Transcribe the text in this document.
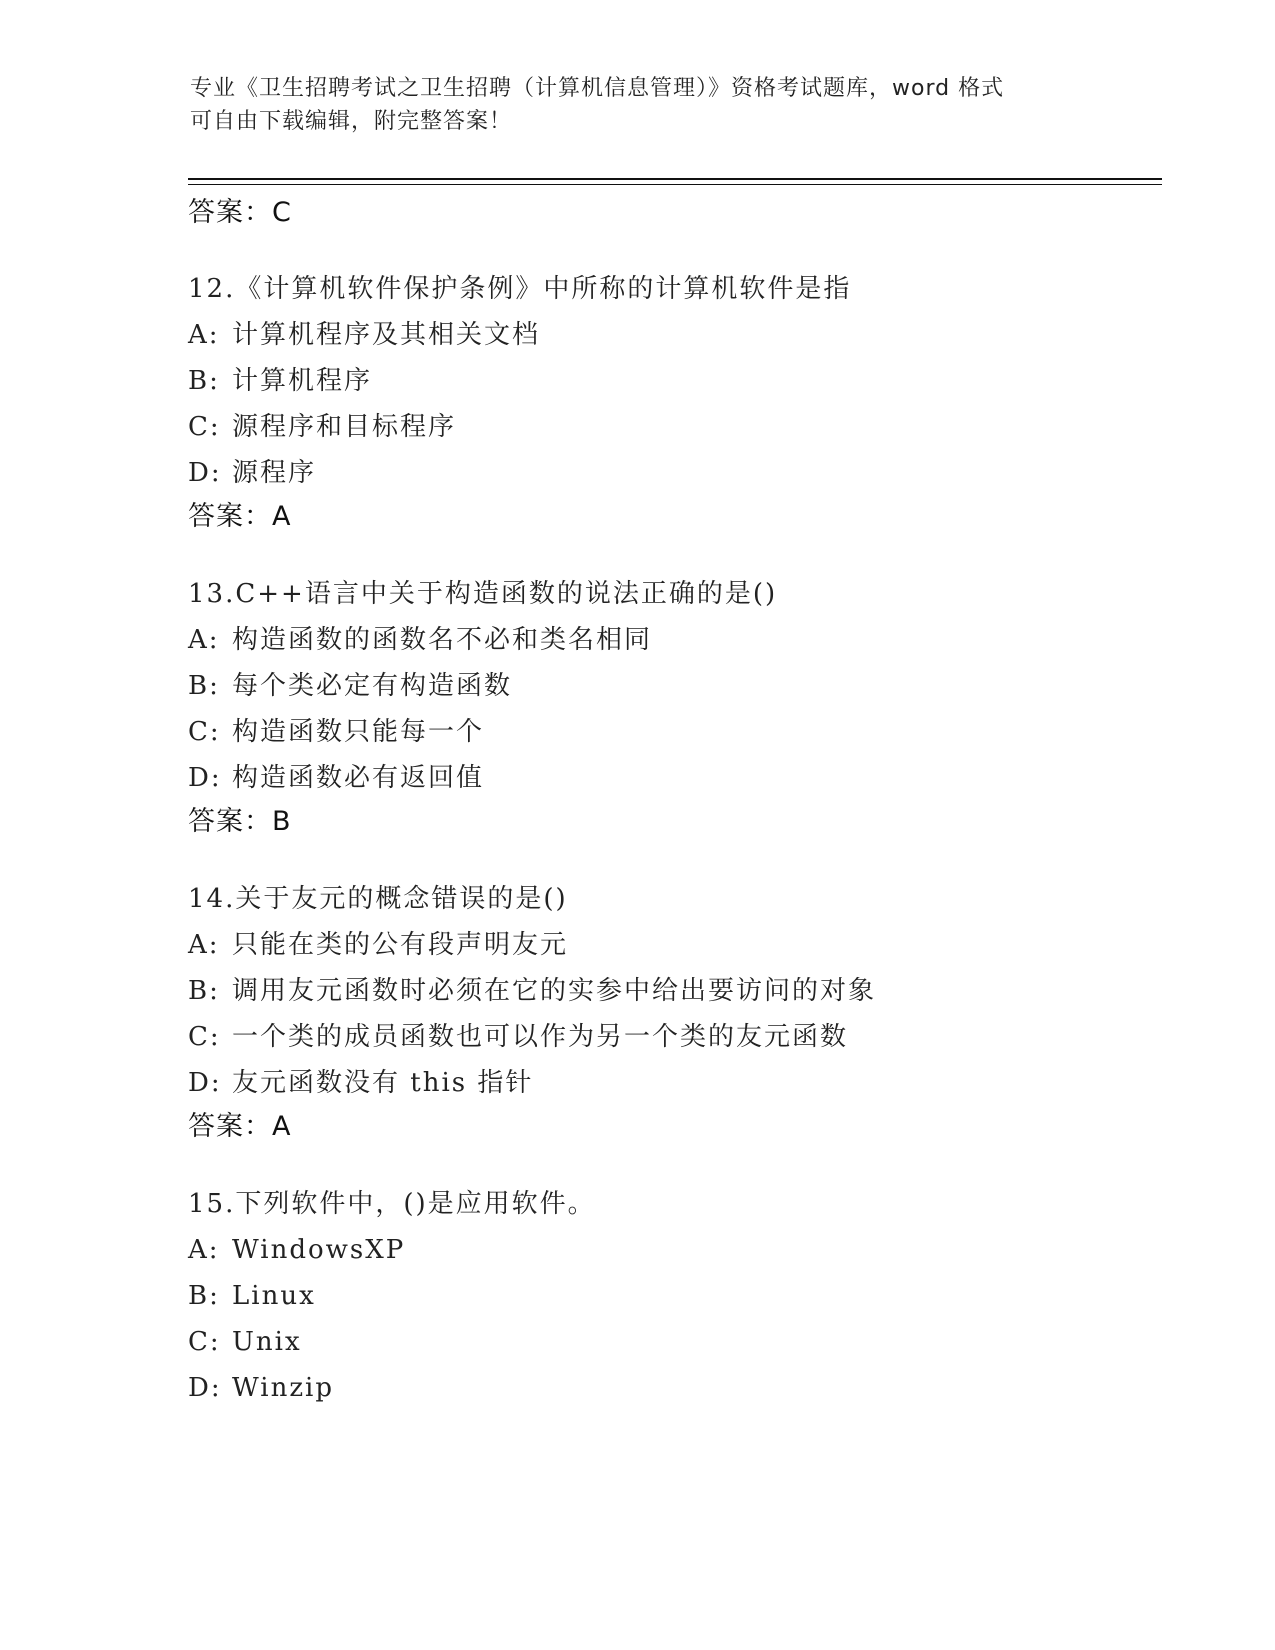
专业《卫生招聘考试之卫生招聘（计算机信息管理）》资格考试题库，word 格式
可自由下载编辑，附完整答案！
答案：C
12.《计算机软件保护条例》中所称的计算机软件是指
A: 计算机程序及其相关文档
B: 计算机程序
C: 源程序和目标程序
D: 源程序
答案：A
13.C++语言中关于构造函数的说法正确的是()
A: 构造函数的函数名不必和类名相同
B: 每个类必定有构造函数
C: 构造函数只能每一个
D: 构造函数必有返回值
答案：B
14.关于友元的概念错误的是()
A: 只能在类的公有段声明友元
B: 调用友元函数时必须在它的实参中给出要访问的对象
C: 一个类的成员函数也可以作为另一个类的友元函数
D: 友元函数没有 this 指针
答案：A
15.下列软件中，()是应用软件。
A: WindowsXP
B: Linux
C: Unix
D: Winzip
